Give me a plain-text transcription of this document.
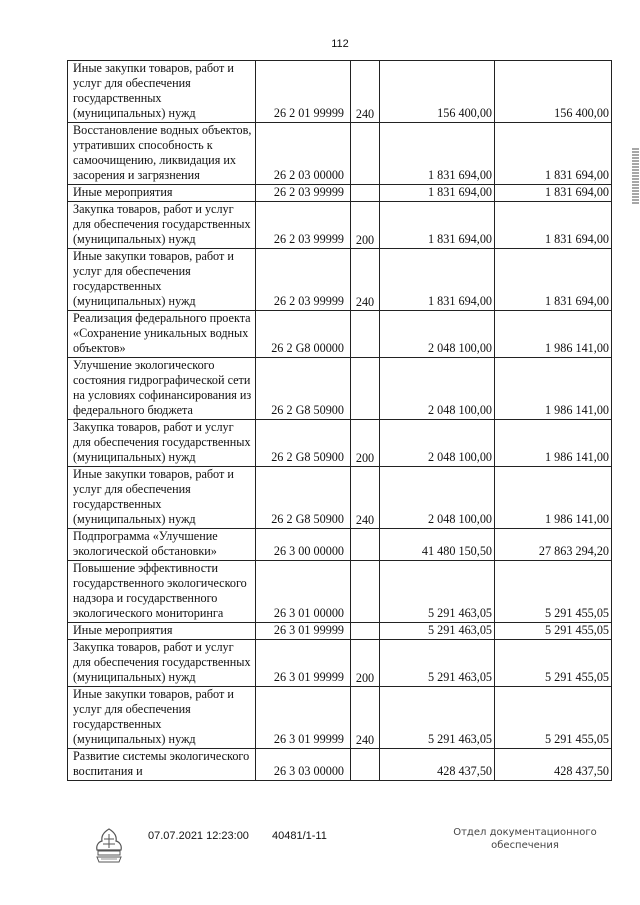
112
Иные закупки товаров, работ и услуг для обеспечения государственных (муниципальных) нужд	26 2 01 99999	240	156 400,00	156 400,00
Восстановление водных объектов, утративших способность к самоочищению, ликвидация их засорения и загрязнения	26 2 03 00000		1 831 694,00	1 831 694,00
Иные мероприятия	26 2 03 99999		1 831 694,00	1 831 694,00
Закупка товаров, работ и услуг для обеспечения государственных (муниципальных) нужд	26 2 03 99999	200	1 831 694,00	1 831 694,00
Иные закупки товаров, работ и услуг для обеспечения государственных (муниципальных) нужд	26 2 03 99999	240	1 831 694,00	1 831 694,00
Реализация федерального проекта «Сохранение уникальных водных объектов»	26 2 G8 00000		2 048 100,00	1 986 141,00
Улучшение экологического состояния гидрографической сети на условиях софинансирования из федерального бюджета	26 2 G8 50900		2 048 100,00	1 986 141,00
Закупка товаров, работ и услуг для обеспечения государственных (муниципальных) нужд	26 2 G8 50900	200	2 048 100,00	1 986 141,00
Иные закупки товаров, работ и услуг для обеспечения государственных (муниципальных) нужд	26 2 G8 50900	240	2 048 100,00	1 986 141,00
Подпрограмма «Улучшение экологической обстановки»	26 3 00 00000		41 480 150,50	27 863 294,20
Повышение эффективности государственного экологического надзора и государственного экологического мониторинга	26 3 01 00000		5 291 463,05	5 291 455,05
Иные мероприятия	26 3 01 99999		5 291 463,05	5 291 455,05
Закупка товаров, работ и услуг для обеспечения государственных (муниципальных) нужд	26 3 01 99999	200	5 291 463,05	5 291 455,05
Иные закупки товаров, работ и услуг для обеспечения государственных (муниципальных) нужд	26 3 01 99999	240	5 291 463,05	5 291 455,05
Развитие системы экологического воспитания и	26 3 03 00000		428 437,50	428 437,50
07.07.2021 12:23:00 40481/1-11	Отдел документационного
обеспечения
